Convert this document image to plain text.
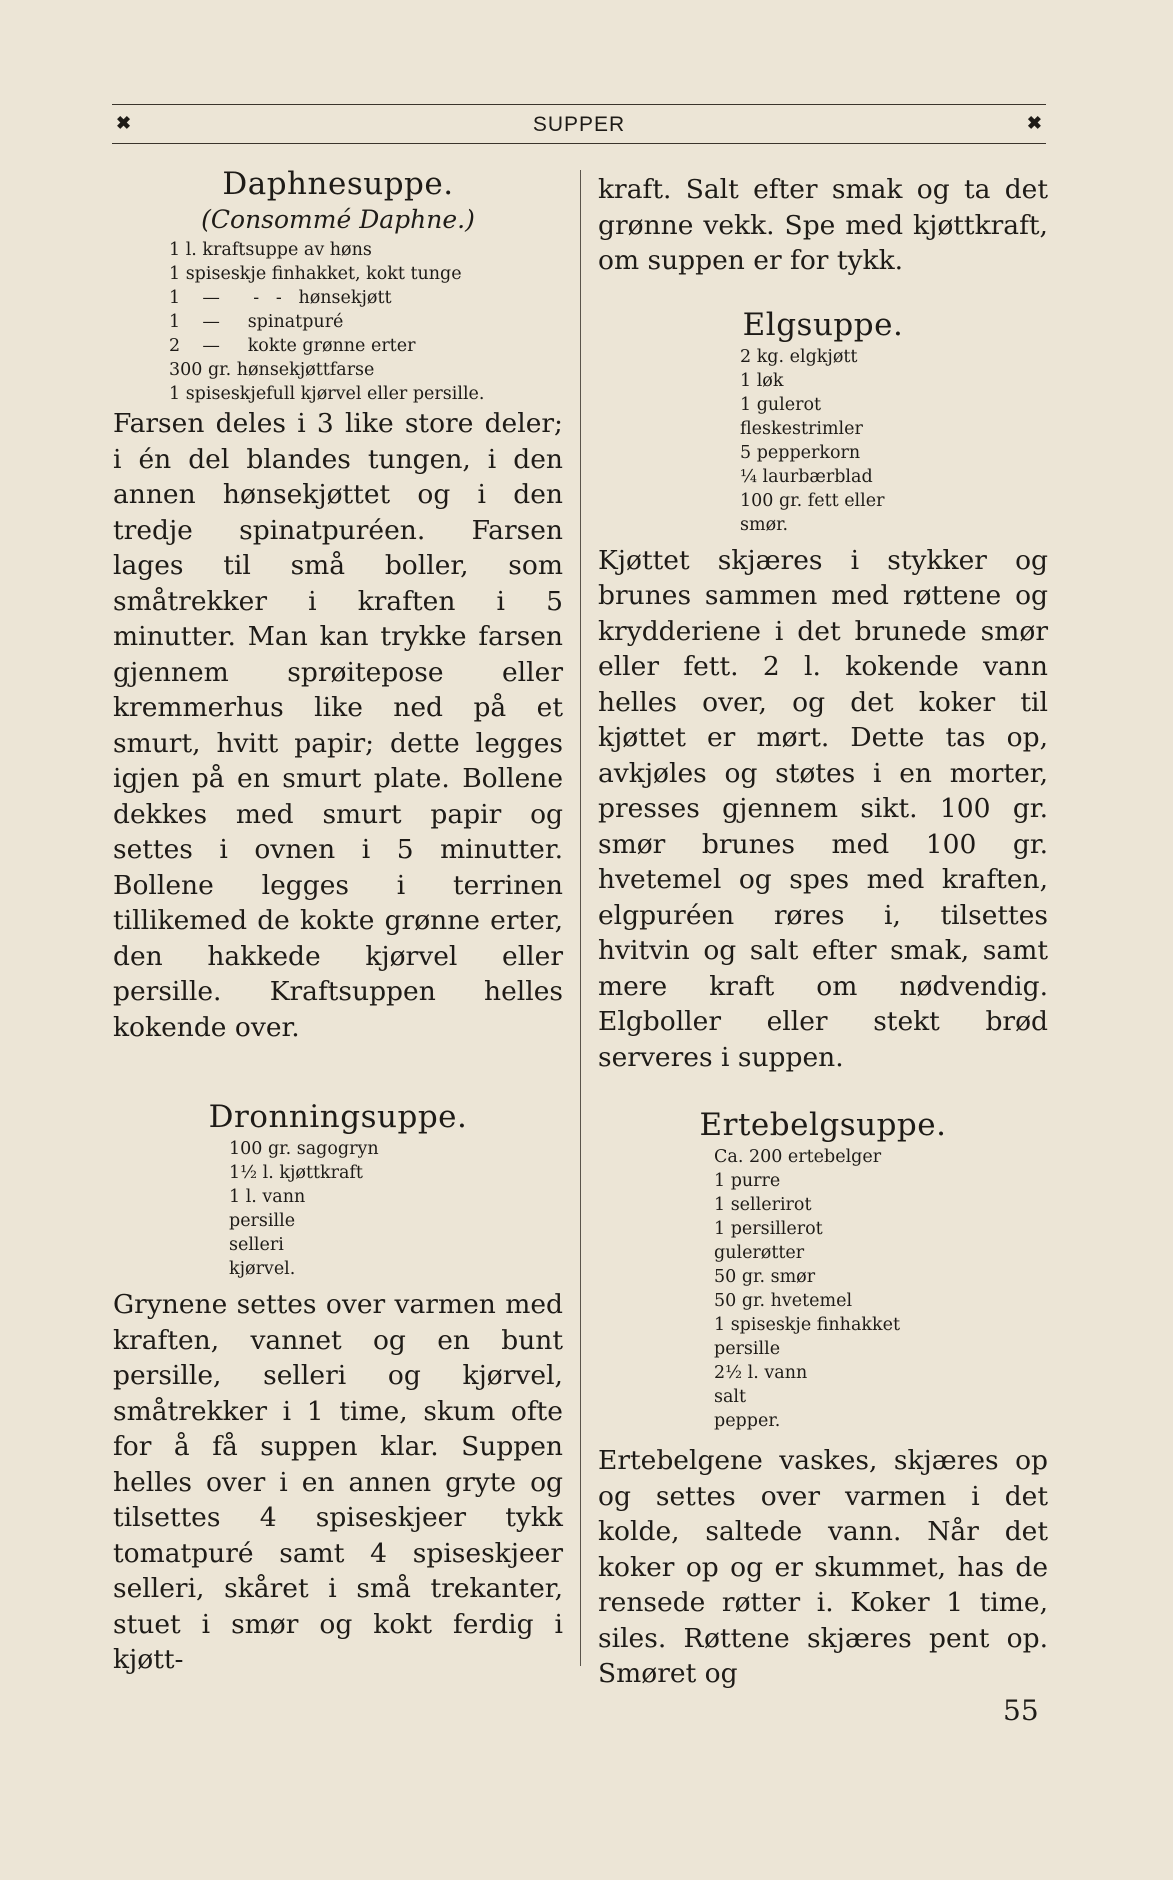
✖	SUPPER	✖
Daphnesuppe.
(Consommé Daphne.)
1 l. kraftsuppe av høns
1 spiseskje finhakket, kokt tunge
1    —      -   -   hønsekjøtt
1    —     spinatpuré
2    —     kokte grønne erter
300 gr. hønsekjøttfarse
1 spiseskjefull kjørvel eller persille.

Farsen deles i 3 like store deler; i én del blandes tungen, i den annen hønsekjøttet og i den tredje spinatpuréen. Farsen lages til små boller, som småtrekker i kraften i 5 minutter. Man kan trykke farsen gjennem sprøitepose eller kremmerhus like ned på et smurt, hvitt papir; dette legges igjen på en smurt plate. Bollene dekkes med smurt papir og settes i ovnen i 5 minutter. Bollene legges i terrinen tillikemed de kokte grønne erter, den hakkede kjørvel eller persille. Kraftsuppen helles kokende over.

Dronningsuppe.
100 gr. sagogryn
1½ l. kjøttkraft
1 l. vann
persille
selleri
kjørvel.

Grynene settes over varmen med kraften, vannet og en bunt persille, selleri og kjørvel, småtrekker i 1 time, skum ofte for å få suppen klar. Suppen helles over i en annen gryte og tilsettes 4 spiseskjeer tykk tomatpuré samt 4 spiseskjeer selleri, skåret i små trekanter, stuet i smør og kokt ferdig i kjøtt-

kraft. Salt efter smak og ta det grønne vekk. Spe med kjøttkraft, om suppen er for tykk.

Elgsuppe.
2 kg. elgkjøtt
1 løk
1 gulerot
fleskestrimler
5 pepperkorn
¼ laurbærblad
100 gr. fett eller
smør.

Kjøttet skjæres i stykker og brunes sammen med røttene og krydderiene i det brunede smør eller fett. 2 l. kokende vann helles over, og det koker til kjøttet er mørt. Dette tas op, avkjøles og støtes i en morter, presses gjennem sikt. 100 gr. smør brunes med 100 gr. hvetemel og spes med kraften, elgpuréen røres i, tilsettes hvitvin og salt efter smak, samt mere kraft om nødvendig. Elgboller eller stekt brød serveres i suppen.

Ertebelgsuppe.
Ca. 200 ertebelger
1 purre
1 sellerirot
1 persillerot
gulerøtter
50 gr. smør
50 gr. hvetemel
1 spiseskje finhakket
persille
2½ l. vann
salt
pepper.

Ertebelgene vaskes, skjæres op og settes over varmen i det kolde, saltede vann. Når det koker op og er skummet, has de rensede røtter i. Koker 1 time, siles. Røttene skjæres pent op. Smøret og

55
